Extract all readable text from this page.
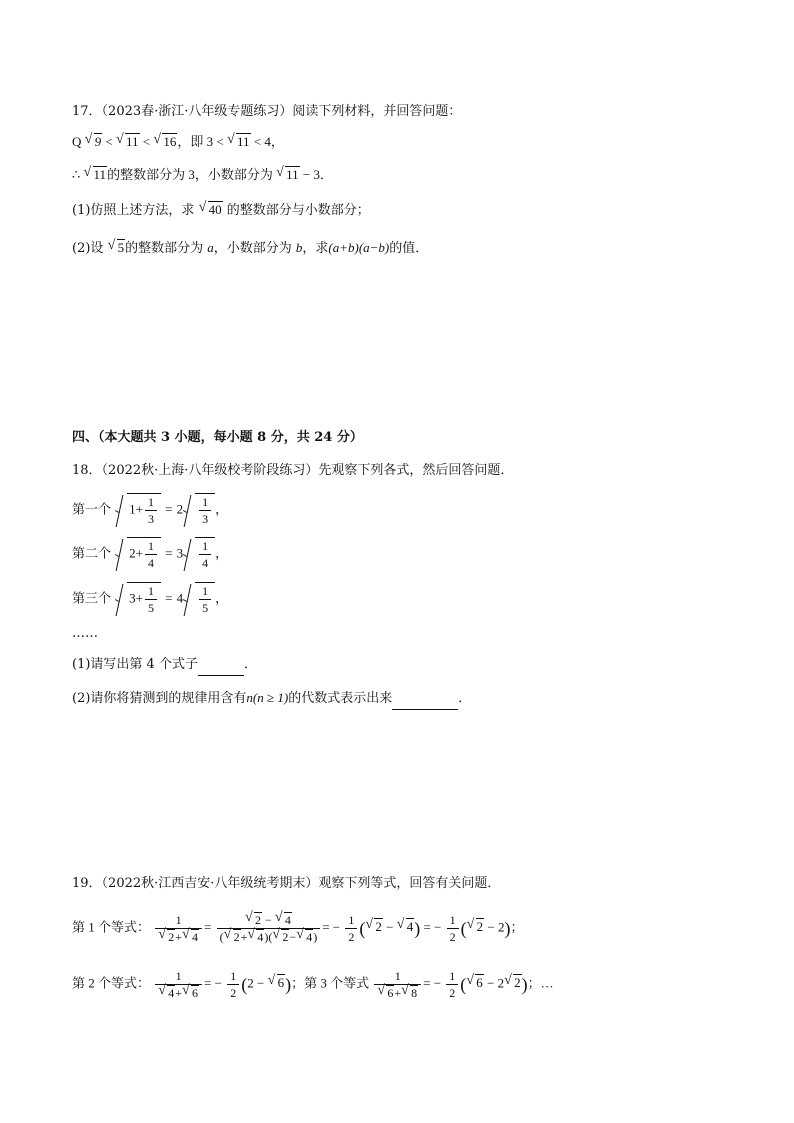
17．（2023春·浙江·八年级专题练习）阅读下列材料，并回答问题：
Q √ 9 < √ 11 < √ 16，即 3 < √ 11 < 4，
∴ √ 11的整数部分为 3，小数部分为 √ 11 − 3．
(1)仿照上述方法，求 √ 40 的整数部分与小数部分；
(2)设 √ 5的整数部分为 a，小数部分为 b，求(a+b)(a−b)的值．
四、（本大题共 3 小题，每小题 8 分，共 24 分）
18．（2022秋·上海·八年级校考阶段练习）先观察下列各式，然后回答问题．
第一个 $1+ \frac{1}{3} = 2 \frac{1}{3}$ ，
第二个 $2+ \frac{1}{4} = 3 \frac{1}{4}$ ，
第三个 $3+ \frac{1}{5} = 4 \frac{1}{5}$ ，
……
(1)请写出第 4 个式子	．
(2)请你将猜测到的规律用含有n(n ≥ 1)的代数式表示出来	．
19．（2022秋·江西吉安·八年级统考期末）观察下列等式，回答有关问题．
第 1 个等式： 1
√ 2+ √ 4 = √ $\frac{2 - √ 4}{( √ 2+ √ 4)( √ 2- √ 4)}$ = − $\frac{1}{2}$ ( √ 2 − √ 4) = − $\frac{1}{2}$ ( √ 2 − 2)；
第 2 个等式： 1
√ 4+ √ 6 = − $\frac{1}{2} (2$ − √ 6)；第 3 个等式 1
√ 6+ √ 8 = − $\frac{1}{2}$ ( √ 6 − 2 √ 2)；…
